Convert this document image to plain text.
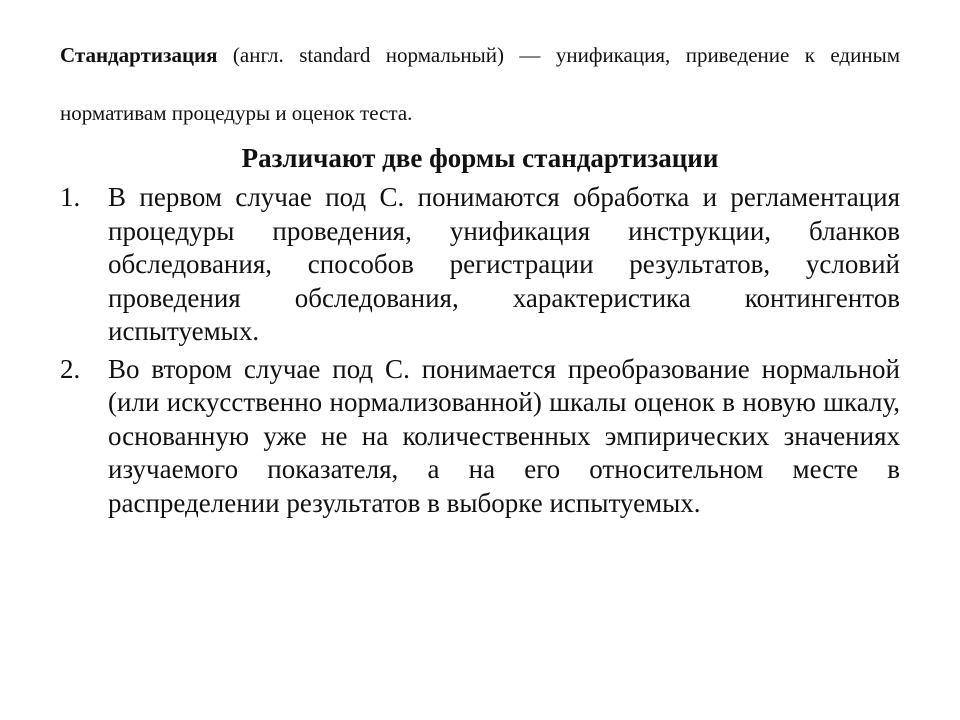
Стандартизация (англ. standard нормальный) — унификация, приведение к единым нормативам процедуры и оценок теста.

Различают две формы стандартизации
1. В первом случае под С. понимаются обработка и регламентация процедуры проведения, унификация инструкции, бланков обследования, способов регистрации результатов, условий проведения обследования, характеристика контингентов испытуемых.
2. Во втором случае под С. понимается преобразование нормальной (или искусственно нормализованной) шкалы оценок в новую шкалу, основанную уже не на количественных эмпирических значениях изучаемого показателя, а на его относительном месте в распределении результатов в выборке испытуемых.
